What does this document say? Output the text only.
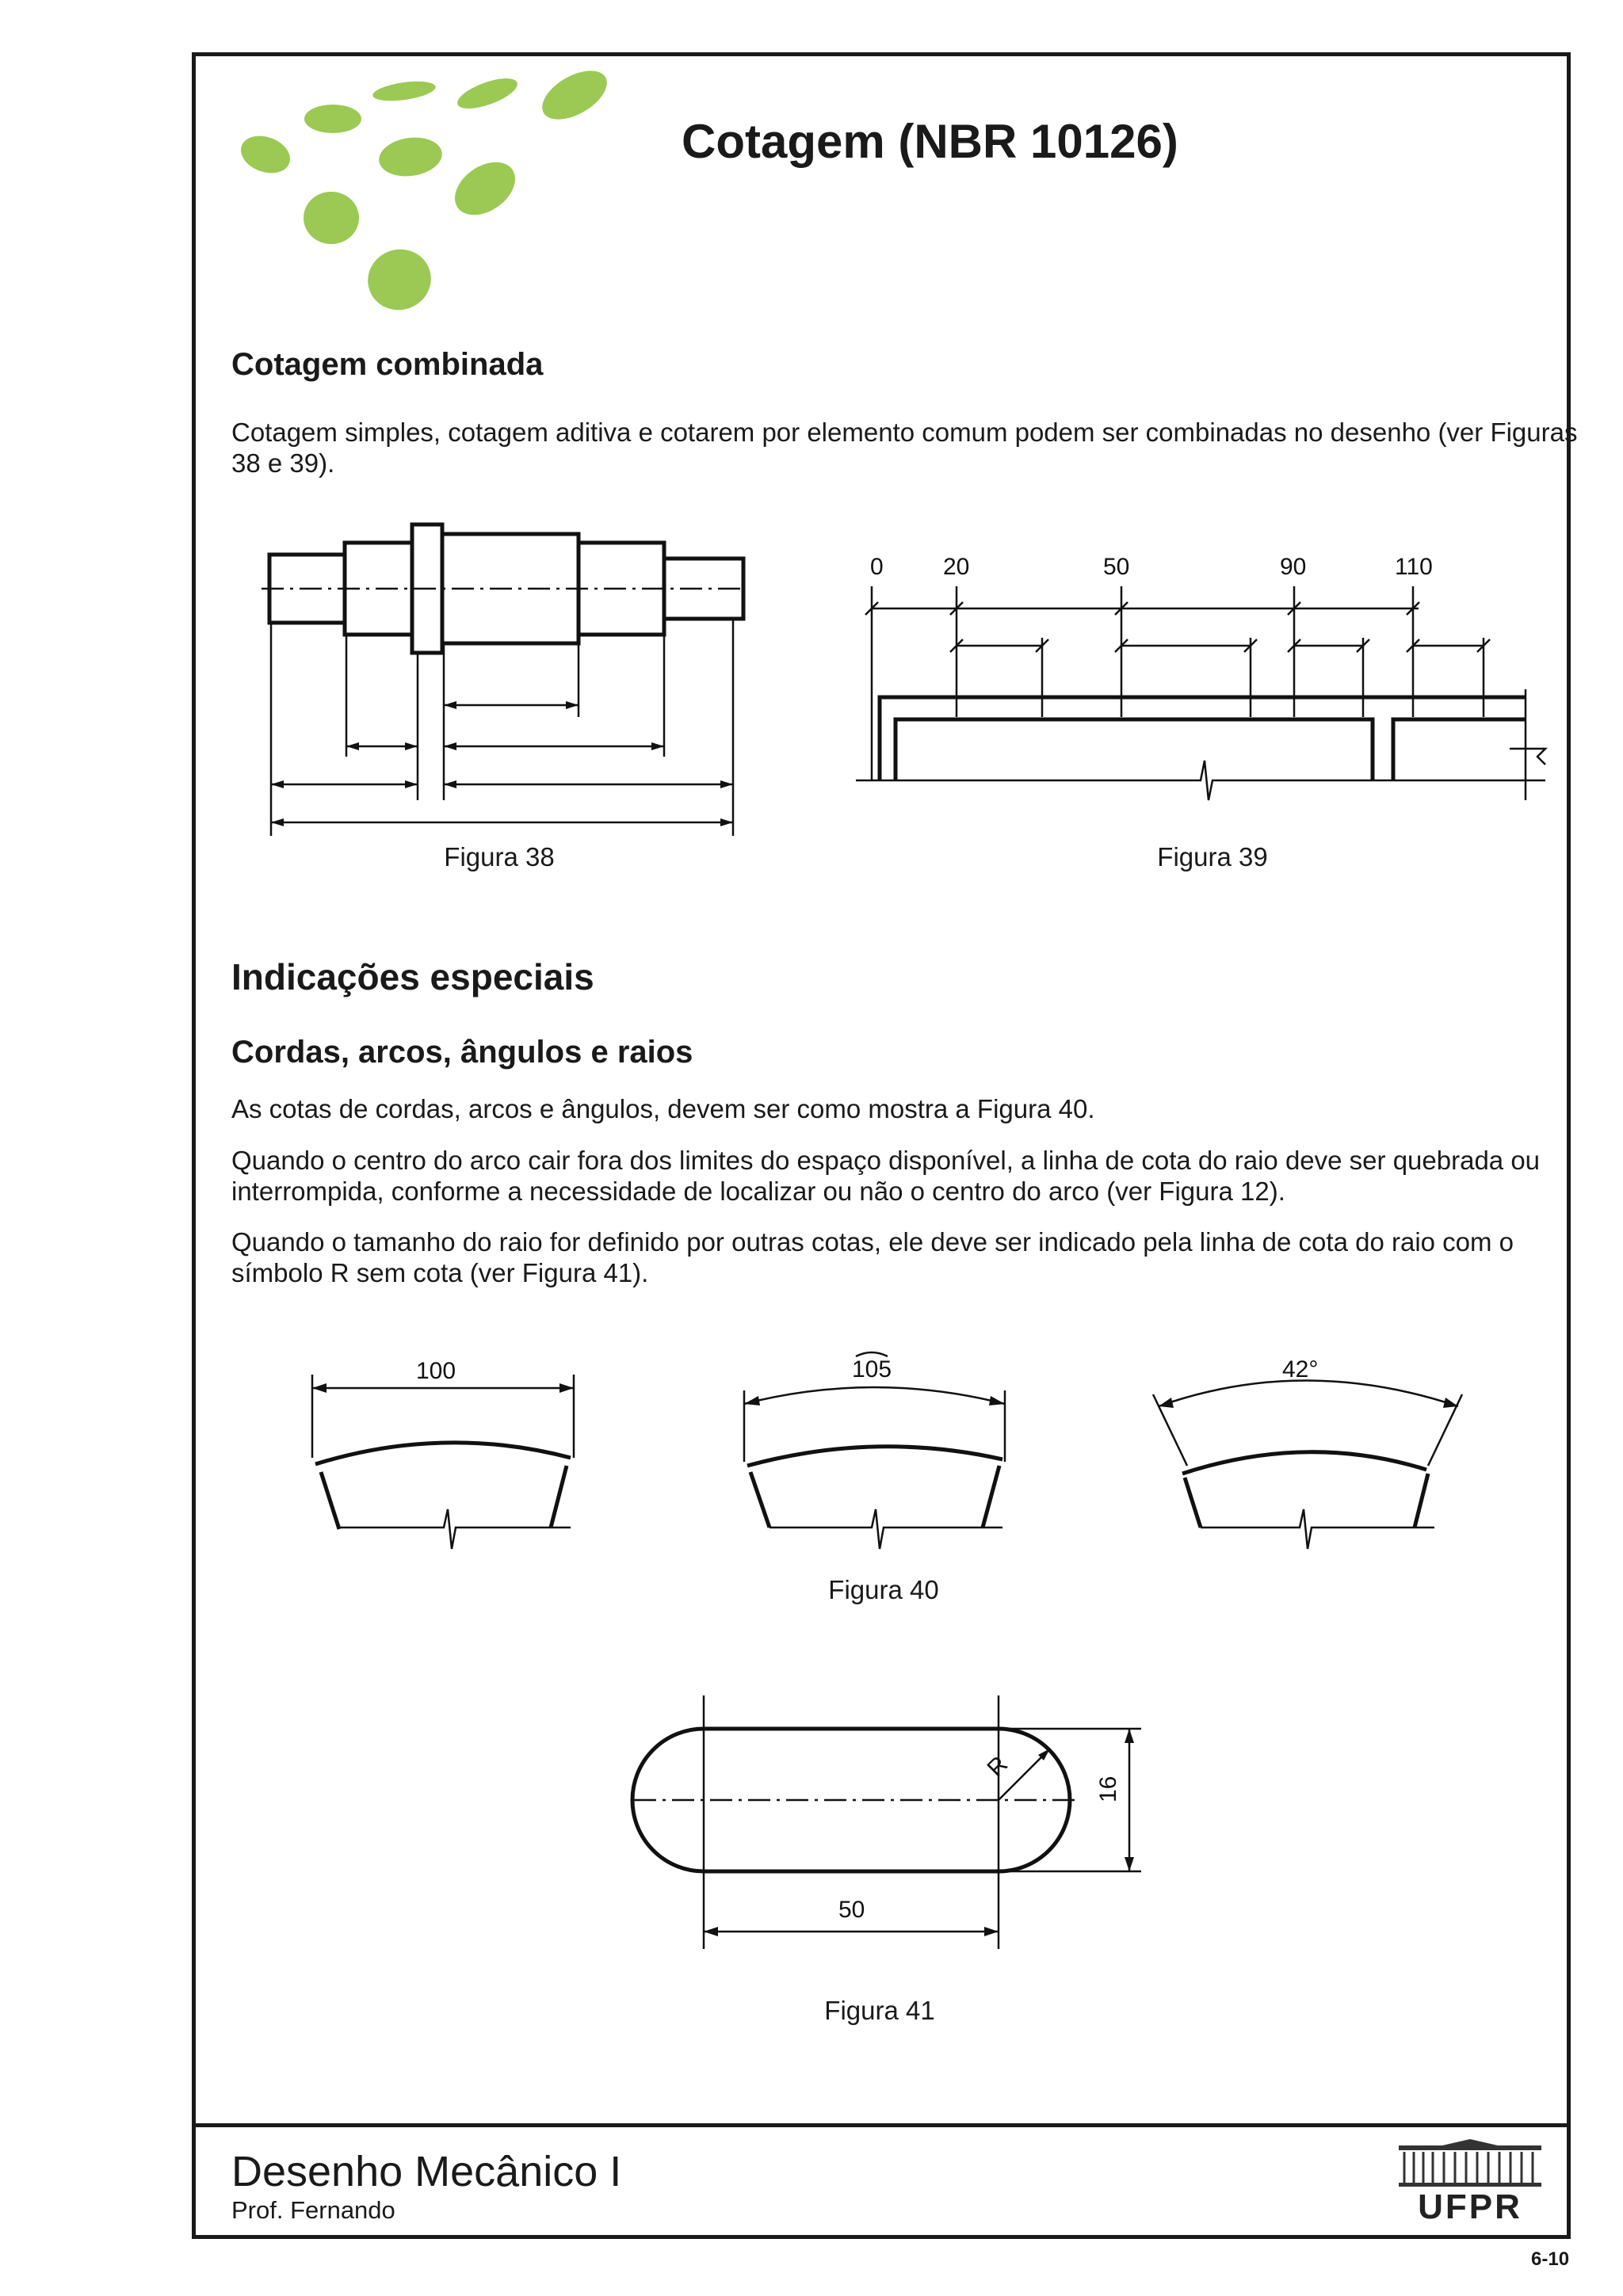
Cotagem (NBR 10126)
Cotagem combinada
Cotagem simples, cotagem aditiva e cotarem por elemento comum podem ser combinadas no desenho (ver Figuras 38 e 39).
Figura 38
0	20	50	90	110
Figura 39
Indicações especiais
Cordas, arcos, ângulos e raios
As cotas de cordas, arcos e ângulos, devem ser como mostra a Figura 40.
Quando o centro do arco cair fora dos limites do espaço disponível, a linha de cota do raio deve ser quebrada ou interrompida, conforme a necessidade de localizar ou não o centro do arco (ver Figura 12).
Quando o tamanho do raio for definido por outras cotas, ele deve ser indicado pela linha de cota do raio com o símbolo R sem cota (ver Figura 41).
100	105	42°
Figura 40
R
16
50
Figura 41
Desenho Mecânico I
Prof. Fernando	UFPR
6-10
